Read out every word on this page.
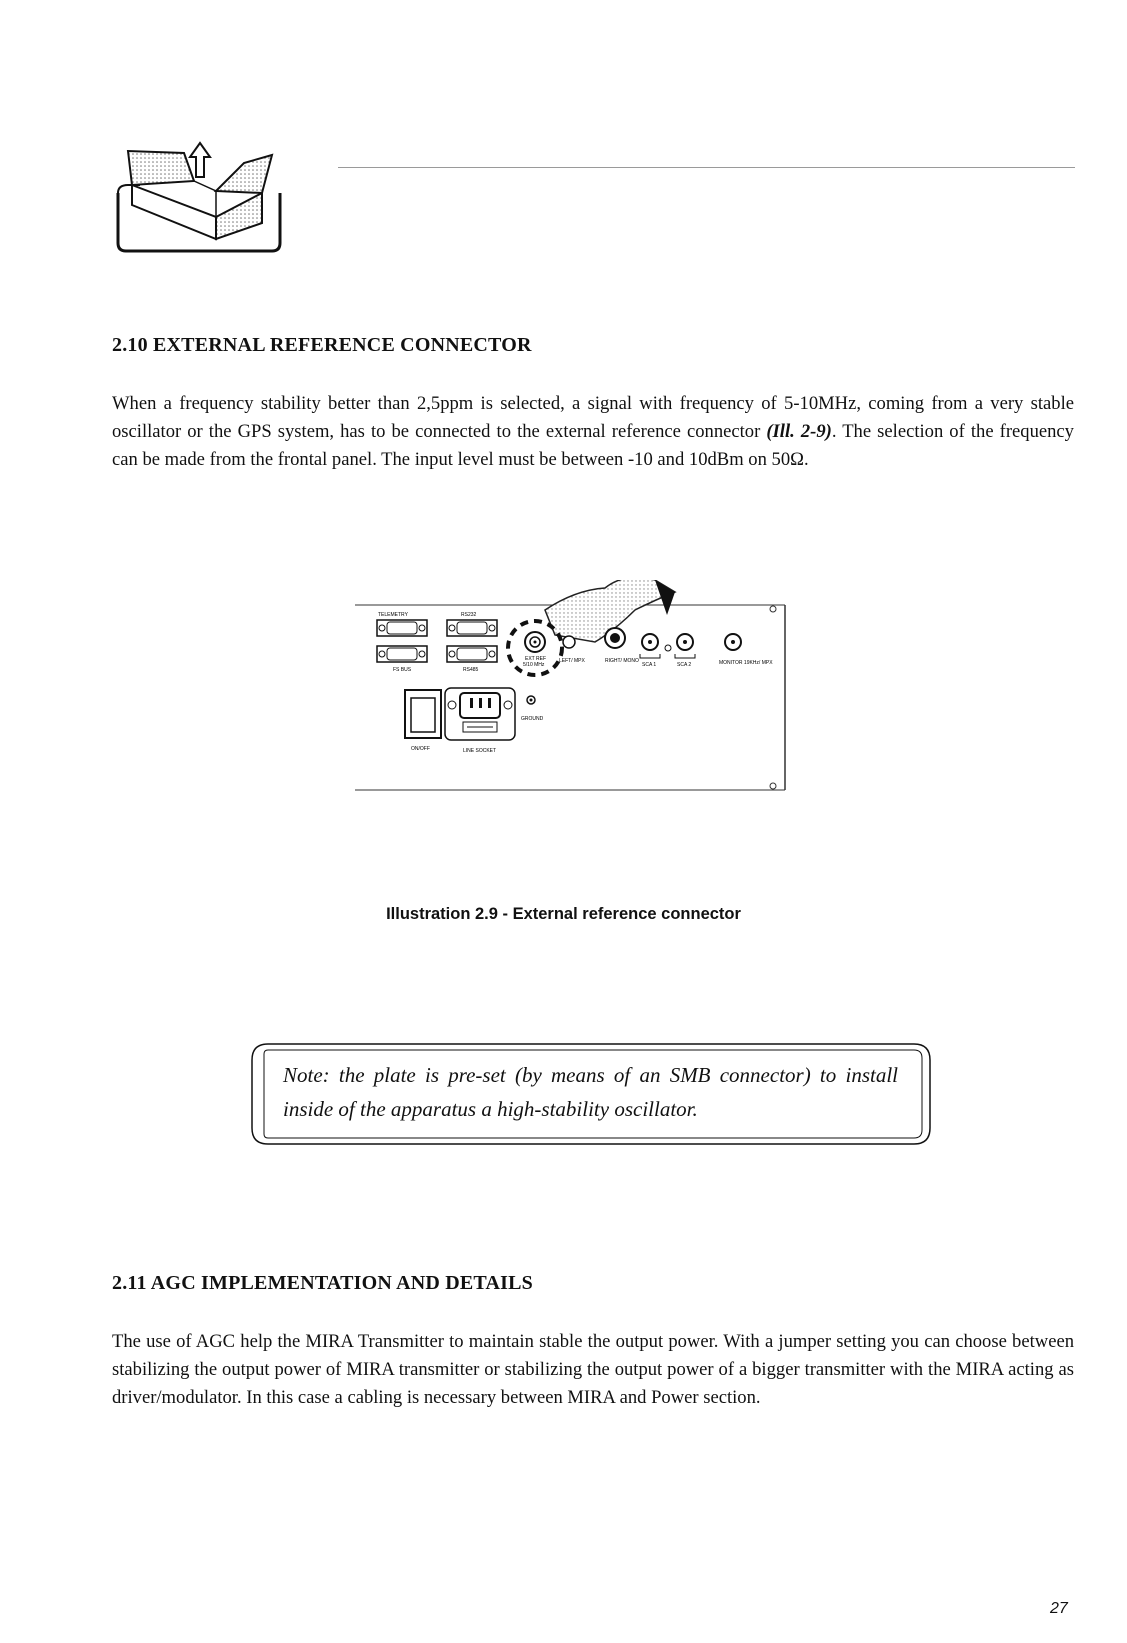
2.10 EXTERNAL REFERENCE CONNECTOR

When a frequency stability better than 2,5ppm is selected, a signal with frequency of 5-10MHz, coming from a very stable oscillator or the GPS system, has to be connected to the external reference connector (Ill. 2-9). The selection of the frequency can be made from the frontal panel. The input level must be between -10 and 10dBm on 50Ω.

TELEMETRY	RS232
FS BUS	RS485
EXT REF
5/10 MHz
LEFT/ MPX	RIGHT/ MONO
SCA 1	SCA 2	MONITOR 19KHz/ MPX
ON/OFF	LINE SOCKET
GROUND
Illustration 2.9 - External reference connector

Note: the plate is pre-set (by means of an SMB connector) to install inside of the apparatus a high-stability oscillator.

2.11 AGC IMPLEMENTATION AND DETAILS

The use of AGC help the MIRA Transmitter to maintain stable the output power. With a jumper setting you can choose between stabilizing the output power of MIRA transmitter or stabilizing the output power of a bigger transmitter with the MIRA acting as driver/modulator. In this case a cabling is necessary between MIRA and Power section.

27
